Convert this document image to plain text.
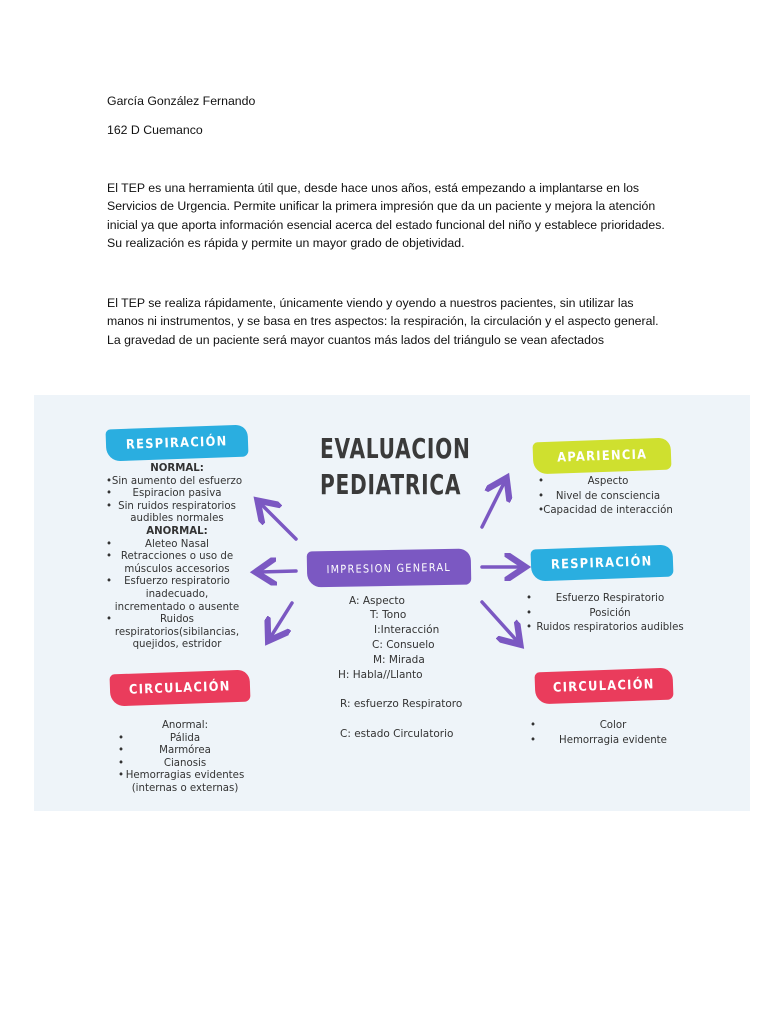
García González Fernando
162 D Cuemanco

El TEP es una herramienta útil que, desde hace unos años, está empezando a implantarse en los Servicios de Urgencia. Permite unificar la primera impresión que da un paciente y mejora la atención inicial ya que aporta información esencial acerca del estado funcional del niño y establece prioridades. Su realización es rápida y permite un mayor grado de objetividad.

El TEP se realiza rápidamente, únicamente viendo y oyendo a nuestros pacientes, sin utilizar las manos ni instrumentos, y se basa en tres aspectos: la respiración, la circulación y el aspecto general. La gravedad de un paciente será mayor cuantos más lados del triángulo se vean afectados

EVALUACION
PEDIATRICA
RESPIRACIÓN
NORMAL:
• Sin aumento del esfuerzo
• Espiracion pasiva
• Sin ruidos respiratorios audibles normales
ANORMAL:
• Aleteo Nasal
• Retracciones o uso de músculos accesorios
• Esfuerzo respiratorio inadecuado, incrementado o ausente
• Ruidos respiratorios(sibilancias, quejidos, estridor
CIRCULACIÓN
Anormal:
• Pálida
• Marmórea
• Cianosis
• Hemorragias evidentes (internas o externas)
IMPRESION GENERAL
A: Aspecto
T: Tono
I:Interacción
C: Consuelo
M: Mirada
H: Habla//Llanto
R: esfuerzo Respiratoro
C: estado Circulatorio
APARIENCIA
• Aspecto
• Nivel de consciencia
• Capacidad de interacción
RESPIRACIÓN
• Esfuerzo Respiratorio
• Posición
• Ruidos respiratorios audibles
CIRCULACIÓN
• Color
• Hemorragia evidente
